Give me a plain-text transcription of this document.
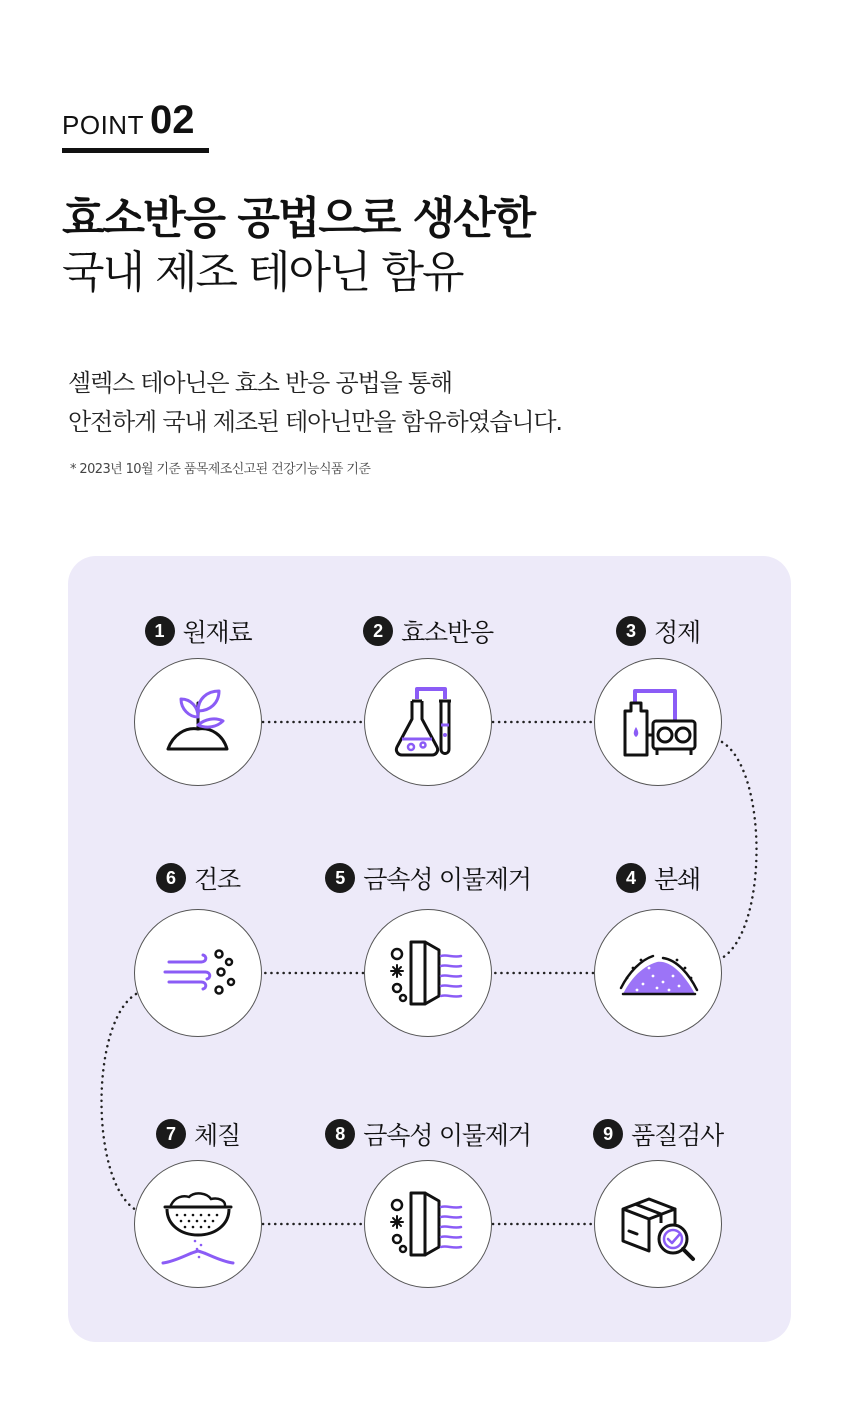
POINT 02
효소반응 공법으로 생산한
국내 제조 테아닌 함유
셀렉스 테아닌은 효소 반응 공법을 통해
안전하게 국내 제조된 테아닌만을 함유하였습니다.
* 2023년 10월 기준 품목제조신고된 건강기능식품 기준
1 원재료	2 효소반응	3 정제
6 건조	5 금속성 이물제거	4 분쇄
7 체질	8 금속성 이물제거	9 품질검사
